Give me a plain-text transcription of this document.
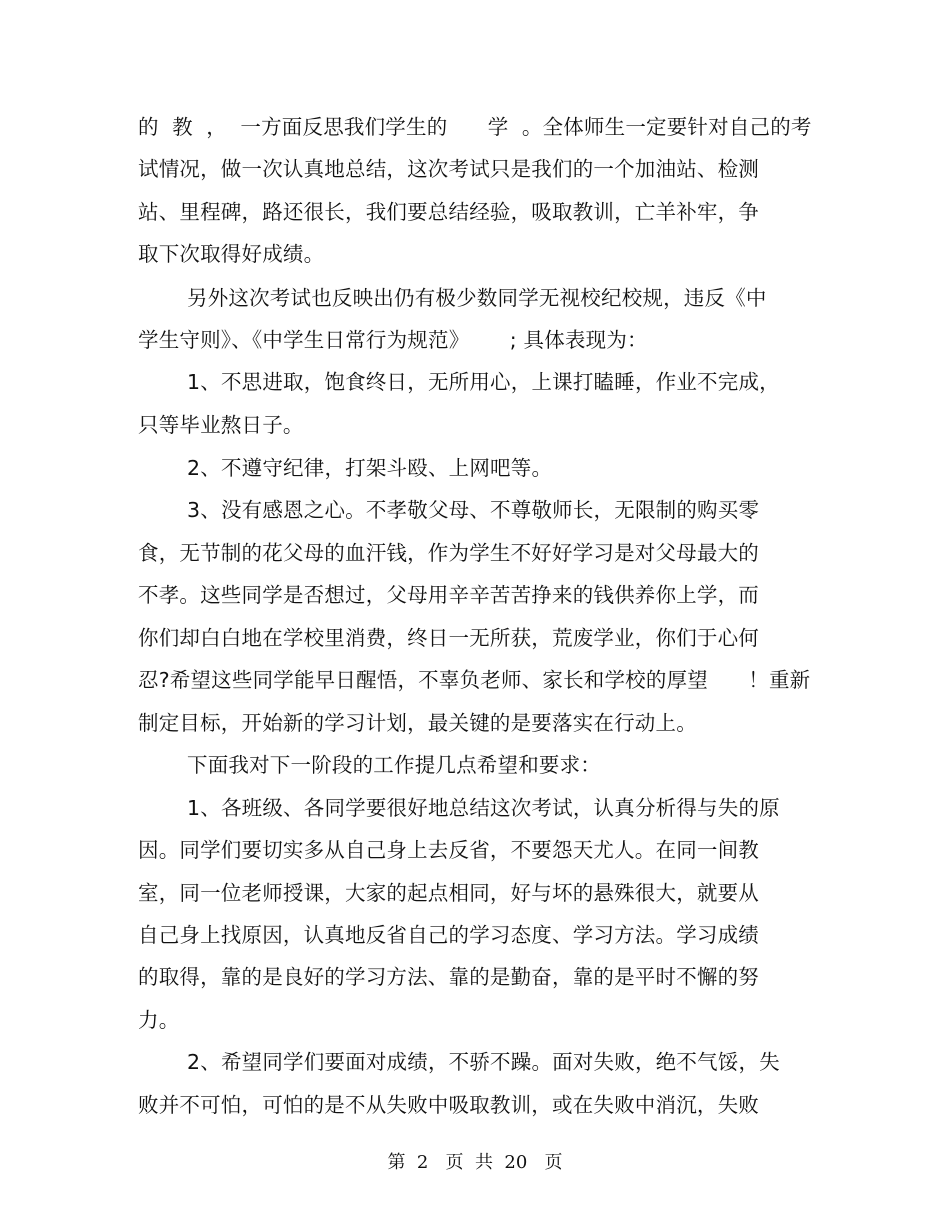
的  教  ，  一方面反思我们学生的      学  。全体师生一定要针对自己的考
试情况，做一次认真地总结，这次考试只是我们的一个加油站、检测
站、里程碑，路还很长，我们要总结经验，吸取教训，亡羊补牢，争
取下次取得好成绩。
另外这次考试也反映出仍有极少数同学无视校纪校规，违反《中
学生守则》、《中学生日常行为规范》      ; 具体表现为：
1、不思进取，饱食终日，无所用心，上课打瞌睡，作业不完成，
只等毕业熬日子。
2、不遵守纪律，打架斗殴、上网吧等。
3、没有感恩之心。不孝敬父母、不尊敬师长，无限制的购买零
食，无节制的花父母的血汗钱，作为学生不好好学习是对父母最大的
不孝。这些同学是否想过，父母用辛辛苦苦挣来的钱供养你上学，而
你们却白白地在学校里消费，终日一无所获，荒废学业，你们于心何
忍?希望这些同学能早日醒悟，不辜负老师、家长和学校的厚望      ！重新
制定目标，开始新的学习计划，最关键的是要落实在行动上。
下面我对下一阶段的工作提几点希望和要求：
1、各班级、各同学要很好地总结这次考试，认真分析得与失的原
因。同学们要切实多从自己身上去反省，不要怨天尤人。在同一间教
室，同一位老师授课，大家的起点相同，好与坏的悬殊很大，就要从
自己身上找原因，认真地反省自己的学习态度、学习方法。学习成绩
的取得，靠的是良好的学习方法、靠的是勤奋，靠的是平时不懈的努
力。
2、希望同学们要面对成绩，不骄不躁。面对失败，绝不气馁，失
败并不可怕，可怕的是不从失败中吸取教训，或在失败中消沉，失败
第  2   页  共  20   页
